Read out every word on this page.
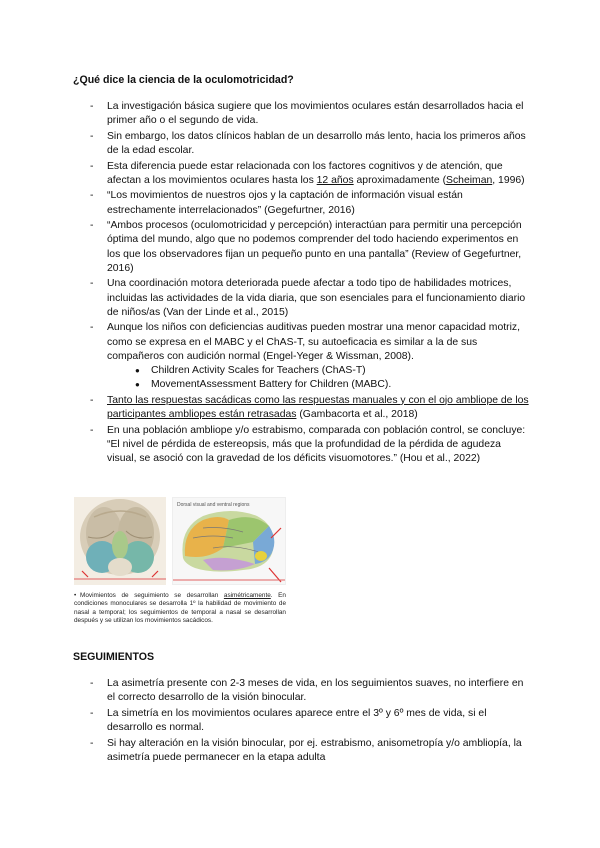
¿Qué dice la ciencia de la oculomotricidad?
- La investigación básica sugiere que los movimientos oculares están desarrollados hacia el primer año o el segundo de vida.
- Sin embargo, los datos clínicos hablan de un desarrollo más lento, hacia los primeros años de la edad escolar.
- Esta diferencia puede estar relacionada con los factores cognitivos y de atención, que afectan a los movimientos oculares hasta los 12 años aproximadamente (Scheiman, 1996)
- “Los movimientos de nuestros ojos y la captación de información visual están estrechamente interrelacionados” (Gegefurtner, 2016)
- “Ambos procesos (oculomotricidad y percepción) interactúan para permitir una percepción óptima del mundo, algo que no podemos comprender del todo haciendo experimentos en los que los observadores fijan un pequeño punto en una pantalla” (Review of Gegefurtner, 2016)
- Una coordinación motora deteriorada puede afectar a todo tipo de habilidades motrices, incluidas las actividades de la vida diaria, que son esenciales para el funcionamiento diario de niños/as (Van der Linde et al., 2015)
- Aunque los niños con deficiencias auditivas pueden mostrar una menor capacidad motriz, como se expresa en el MABC y el ChAS-T, su autoeficacia es similar a la de sus compañeros con audición normal (Engel-Yeger & Wissman, 2008).
● Children Activity Scales for Teachers (ChAS-T)
● MovementAssessment Battery for Children (MABC).
- Tanto las respuestas sacádicas como las respuestas manuales y con el ojo ambliope de los participantes ambliopes están retrasadas (Gambacorta et al., 2018)
- En una población ambliope y/o estrabismo, comparada con población control, se concluye: “El nivel de pérdida de estereopsis, más que la profundidad de la pérdida de agudeza visual, se asoció con la gravedad de los déficits visuomotores.” (Hou et al., 2022)
Dorsal visual and ventral regions
• Movimientos de seguimiento se desarrollan asimétricamente. En condiciones monoculares se desarrolla 1º la habilidad de movimiento de nasal a temporal; los seguimientos de temporal a nasal se desarrollan después y se utilizan los movimientos sacádicos.
SEGUIMIENTOS
- La asimetría presente con 2-3 meses de vida, en los seguimientos suaves, no interfiere en el correcto desarrollo de la visión binocular.
- La simetría en los movimientos oculares aparece entre el 3º y 6º mes de vida, si el desarrollo es normal.
- Si hay alteración en la visión binocular, por ej. estrabismo, anisometropía y/o ambliopía, la asimetría puede permanecer en la etapa adulta
